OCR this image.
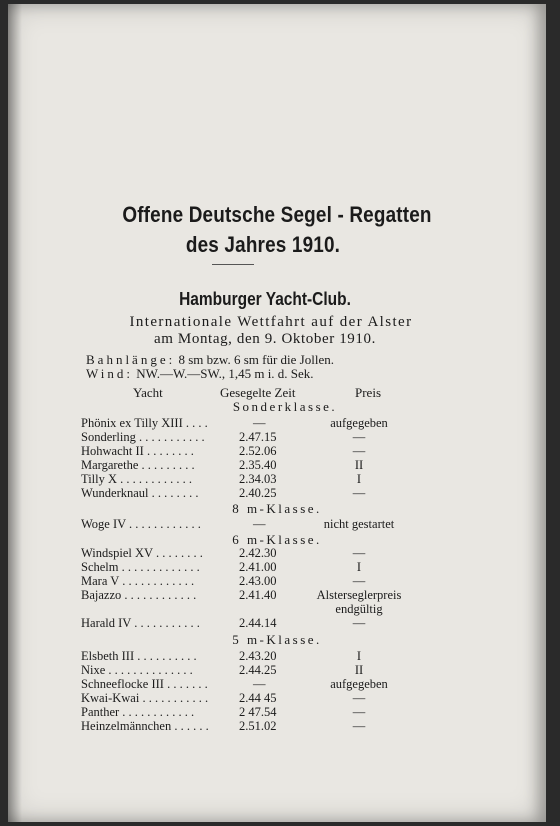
Offene Deutsche Segel - Regatten
des Jahres 1910.
Hamburger Yacht-Club.
Internationale Wettfahrt auf der Alster
am Montag, den 9. Oktober 1910.
Bahnlänge: 8 sm bzw. 6 sm für die Jollen.
Wind: NW.—W.—SW., 1,45 m i. d. Sek.
Yacht	Gesegelte Zeit	Preis
Sonderklasse.
Phönix ex Tilly XIII . . . .	—	aufgegeben
Sonderling . . . . . . . . . . .	2.47.15	—
Hohwacht II . . . . . . . .	2.52.06	—
Margarethe . . . . . . . . .	2.35.40	II
Tilly X . . . . . . . . . . . .	2.34.03	I
Wunderknaul . . . . . . . .	2.40.25	—
8 m-Klasse.
Woge IV . . . . . . . . . . . .	—	nicht gestartet
6 m-Klasse.
Windspiel XV . . . . . . . .	2.42.30	—
Schelm . . . . . . . . . . . . .	2.41.00	I
Mara V . . . . . . . . . . . .	2.43.00	—
Bajazzo . . . . . . . . . . . .	2.41.40	Alsterseglerpreis
endgültig
Harald IV . . . . . . . . . . .	2.44.14	—
5 m-Klasse.
Elsbeth III . . . . . . . . . .	2.43.20	I
Nixe . . . . . . . . . . . . . .	2.44.25	II
Schneeflocke III . . . . . . .	—	aufgegeben
Kwai-Kwai . . . . . . . . . . . 2.44 45	—
Panther . . . . . . . . . . . .	2 47.54	—
Heinzelmännchen . . . . . . 2.51.02	—
